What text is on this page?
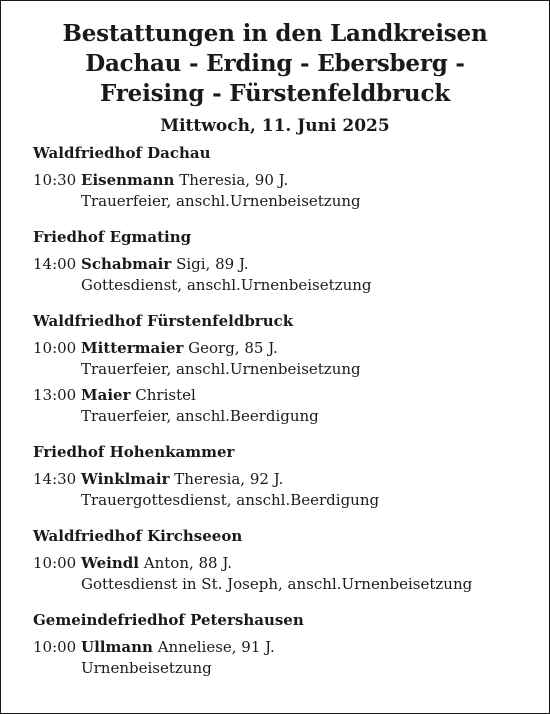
Bestattungen in den Landkreisen
Dachau - Erding - Ebersberg -
Freising - Fürstenfeldbruck
Mittwoch, 11. Juni 2025
Waldfriedhof Dachau
10:30 Eisenmann Theresia, 90 J.
Trauerfeier, anschl.Urnenbeisetzung
Friedhof Egmating
14:00 Schabmair Sigi, 89 J.
Gottesdienst, anschl.Urnenbeisetzung
Waldfriedhof Fürstenfeldbruck
10:00 Mittermaier Georg, 85 J.
Trauerfeier, anschl.Urnenbeisetzung
13:00 Maier Christel
Trauerfeier, anschl.Beerdigung
Friedhof Hohenkammer
14:30 Winklmair Theresia, 92 J.
Trauergottesdienst, anschl.Beerdigung
Waldfriedhof Kirchseeon
10:00 Weindl Anton, 88 J.
Gottesdienst in St. Joseph, anschl.Urnenbeisetzung
Gemeindefriedhof Petershausen
10:00 Ullmann Anneliese, 91 J.
Urnenbeisetzung
